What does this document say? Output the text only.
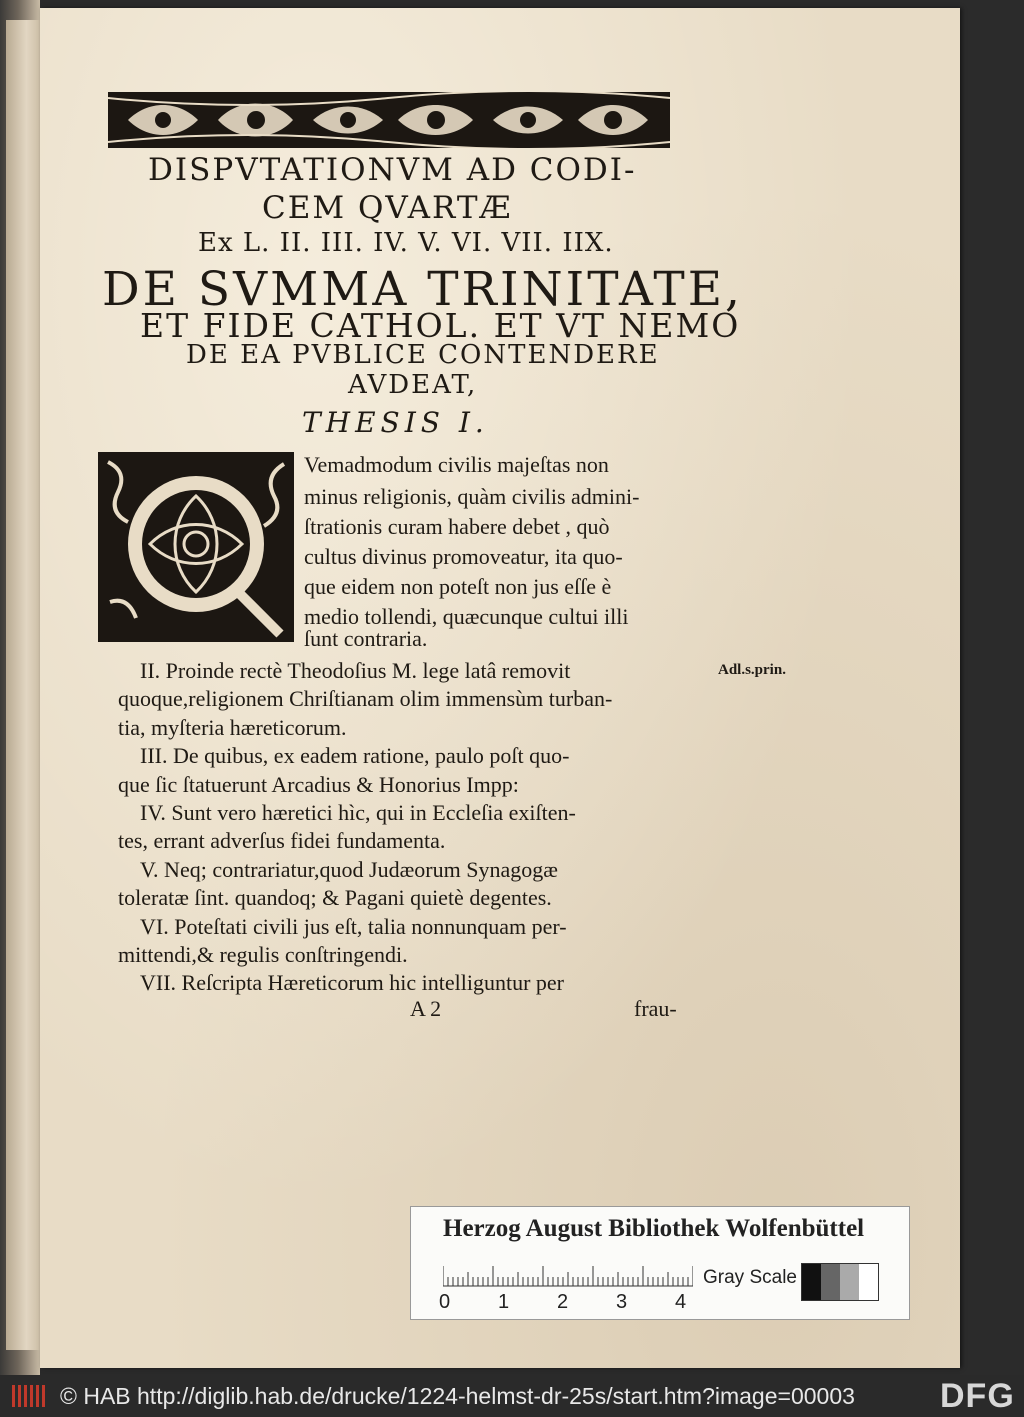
DISPVTATIONVM AD CODI-
CEM QVARTÆ
Ex L. II. III. IV. V. VI. VII. IIX.
DE SVMMA TRINITATE,
ET FIDE CATHOL. ET VT NEMO
DE EA PVBLICE CONTENDERE
AVDEAT,
THESIS I.
Vemadmodum civilis majeſtas non
minus religionis, quàm civilis admini-
ſtrationis curam habere debet , quò
cultus divinus promoveatur, ita quo-
que eidem non poteſt non jus eſſe è
medio tollendi, quæcunque cultui illi
ſunt contraria.
II. Proinde rectè Theodoſius M. lege latâ removit
quoque,religionem Chriſtianam olim immensùm turban-
tia, myſteria hæreticorum.
III. De quibus, ex eadem ratione, paulo poſt quo-
que ſic ſtatuerunt Arcadius & Honorius Impp:
IV. Sunt vero hæretici hìc, qui in Eccleſia exiſten-
tes, errant adverſus fidei fundamenta.
V. Neq; contrariatur,quod Judæorum Synagogæ
toleratæ ſint. quandoq; & Pagani quietè degentes.
VI. Poteſtati civili jus eſt, talia nonnunquam per-
mittendi,& regulis conſtringendi.
VII. Reſcripta Hæreticorum hic intelliguntur per
Adl.s.prin.
A 2	frau-
Herzog August Bibliothek Wolfenbüttel
Gray Scale
0 1 2 3 4
© HAB http://diglib.hab.de/drucke/1224-helmst-dr-25s/start.htm?image=00003	DFG
